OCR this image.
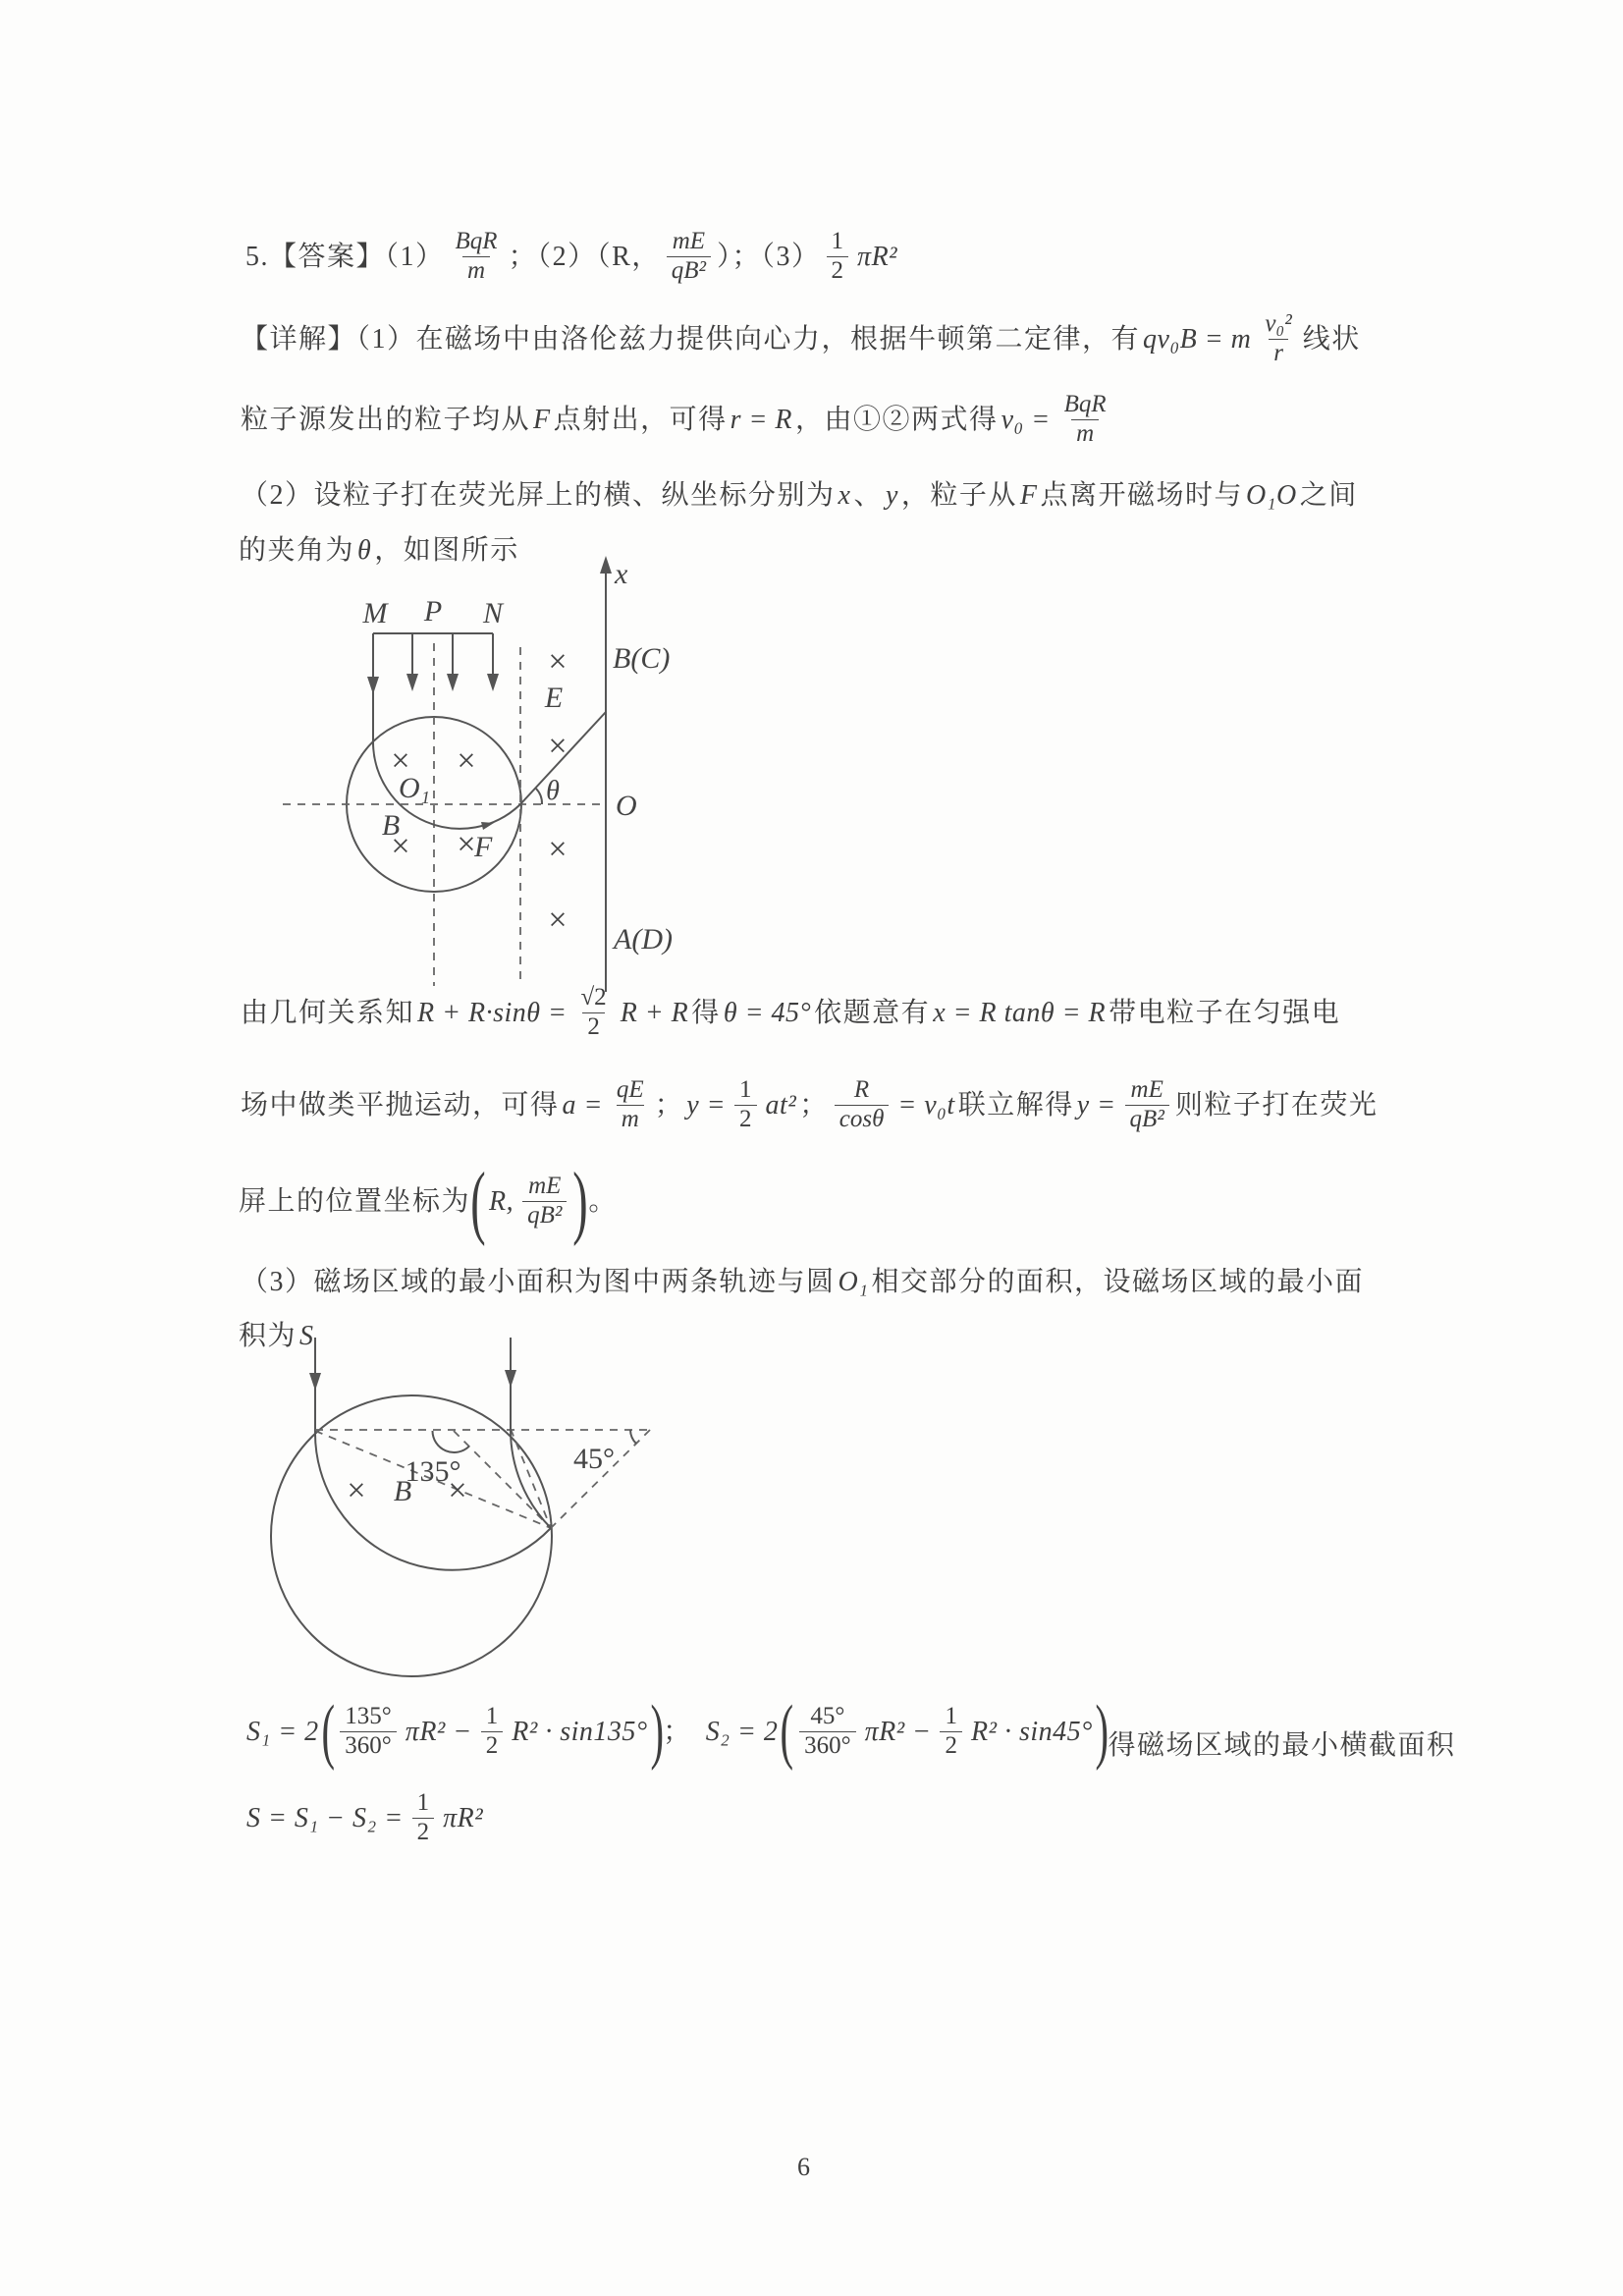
5.【答案】$(1) \frac{\text{BqR}}{m}$ ；（2）（R， $\frac{mE}{\text{qB²}}$ ）；$(3) \frac{1}{2} \pi R^2$
【详解】（1）在磁场中由洛伦兹力提供向心力，根据牛顿第二定律，有 qv₀B = m $\frac{\text{v₀²}}{r}$ 线状
粒子源发出的粒子均从 F 点射出，可得 r = R ，由①②两式得 $v_0 = \frac{\text{BqR}}{m}$
（2）设粒子打在荧光屏上的横、纵坐标分别为 x 、 y ，粒子从 F 点离开磁场时与 O₁O 之间
的夹角为 θ ，如图所示
x
M P N
×
×
× ×
× × ×
×
B(C)
E
O₁
B
F
θ O
A(D)
由几何关系知 $R + R\cdot\sin\theta = \frac{√2}{2}$ R + R 得 θ = 45° 依题意有 x = R tanθ = R 带电粒子在匀强电
场中做类平抛运动，可得 $a = \frac{qE}{m}$ ； $y = \frac{1}{2} at^2$ ； $\frac{R}{\cos\theta} = v_0t$ 联立解得 $y = \frac{mE}{\text{qB²}}$ 则粒子打在荧光
屏上的位置坐标为 ( R, $\frac{mE}{\text{qB²}}$ ) 。
（3）磁场区域的最小面积为图中两条轨迹与圆 O₁ 相交部分的面积，设磁场区域的最小面
积为 S
135°	45°
× ×
B
S₁ = 2 ( $\frac{135^\circ}{360^\circ} \pi R^2 - \frac{1}{2} R^2 \cdot \sin 135^\circ$ ) ； S₂ = 2 ( $\frac{45^\circ}{360^\circ} \pi R^2 - \frac{1}{2} R^2 \cdot \sin 45^\circ$ ) 得磁场区域的最小横截面积
$S = S_1 - S_2 = \frac{1}{2} \pi R^2$
6
